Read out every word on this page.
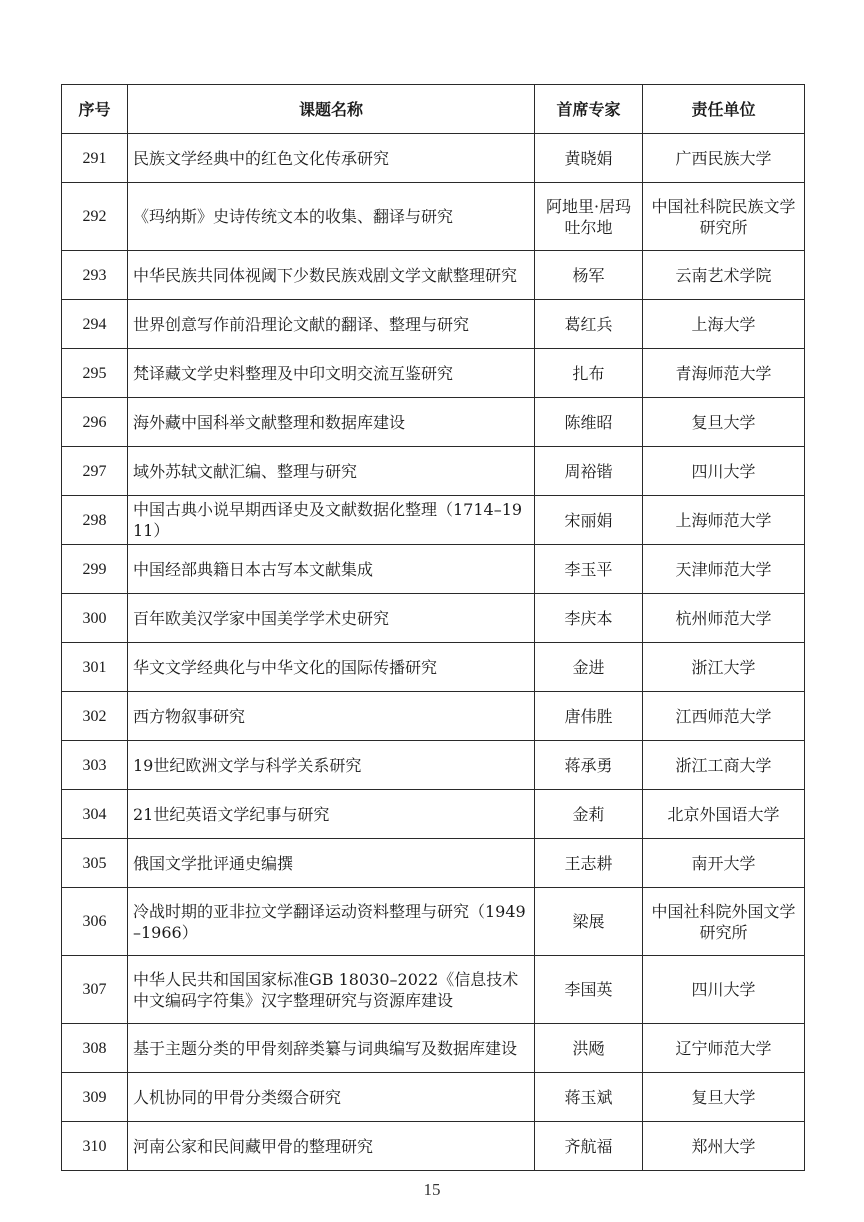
序号	课题名称	首席专家	责任单位
291	民族文学经典中的红色文化传承研究	黄晓娟	广西民族大学
292	《玛纳斯》史诗传统文本的收集、翻译与研究	阿地里·居玛吐尔地	中国社科院民族文学研究所
293	中华民族共同体视阈下少数民族戏剧文学文献整理研究	杨军	云南艺术学院
294	世界创意写作前沿理论文献的翻译、整理与研究	葛红兵	上海大学
295	梵译藏文学史料整理及中印文明交流互鉴研究	扎布	青海师范大学
296	海外藏中国科举文献整理和数据库建设	陈维昭	复旦大学
297	域外苏轼文献汇编、整理与研究	周裕锴	四川大学
298	中国古典小说早期西译史及文献数据化整理（1714–1911）	宋丽娟	上海师范大学
299	中国经部典籍日本古写本文献集成	李玉平	天津师范大学
300	百年欧美汉学家中国美学学术史研究	李庆本	杭州师范大学
301	华文文学经典化与中华文化的国际传播研究	金进	浙江大学
302	西方物叙事研究	唐伟胜	江西师范大学
303	19世纪欧洲文学与科学关系研究	蒋承勇	浙江工商大学
304	21世纪英语文学纪事与研究	金莉	北京外国语大学
305	俄国文学批评通史编撰	王志耕	南开大学
306	冷战时期的亚非拉文学翻译运动资料整理与研究（1949–1966）	梁展	中国社科院外国文学研究所
307	中华人民共和国国家标准GB 18030–2022《信息技术中文编码字符集》汉字整理研究与资源库建设	李国英	四川大学
308	基于主题分类的甲骨刻辞类纂与词典编写及数据库建设	洪飏	辽宁师范大学
309	人机协同的甲骨分类缀合研究	蒋玉斌	复旦大学
310	河南公家和民间藏甲骨的整理研究	齐航福	郑州大学
15
